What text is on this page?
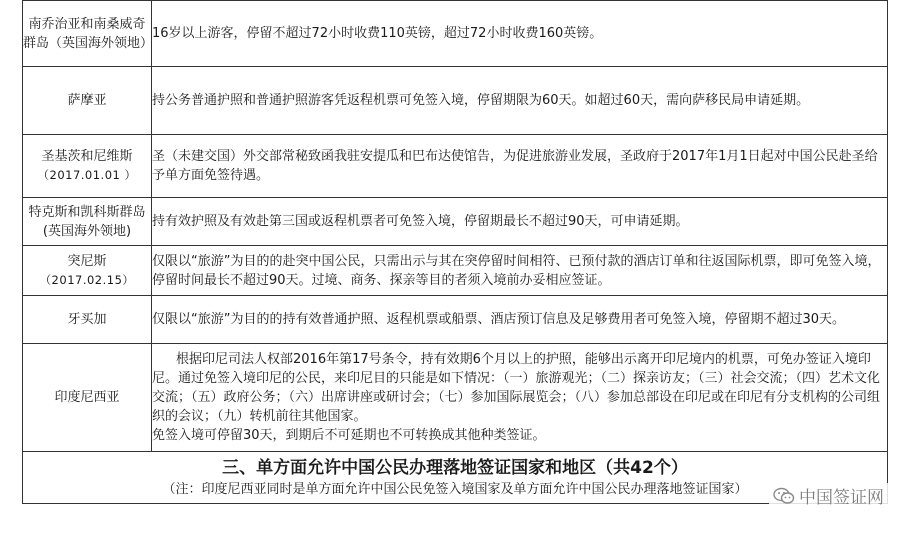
南乔治亚和南桑威奇群岛（英国海外领地）	16岁以上游客，停留不超过72小时收费110英镑，超过72小时收费160英镑。
萨摩亚	持公务普通护照和普通护照游客凭返程机票可免签入境，停留期限为60天。如超过60天，需向萨移民局申请延期。
圣基茨和尼维斯
（2017.01.01 ）	圣（未建交国）外交部常秘致函我驻安提瓜和巴布达使馆告，为促进旅游业发展，圣政府于2017年1月1日起对中国公民赴圣给予单方面免签待遇。
特克斯和凯科斯群岛(英国海外领地)	持有效护照及有效赴第三国或返程机票者可免签入境，停留期最长不超过90天，可申请延期。
突尼斯
（2017.02.15）	仅限以“旅游”为目的的赴突中国公民，只需出示与其在突停留时间相符、已预付款的酒店订单和往返国际机票，即可免签入境，停留时间最长不超过90天。过境、商务、探亲等目的者须入境前办妥相应签证。
牙买加	仅限以“旅游”为目的的持有效普通护照、返程机票或船票、酒店预订信息及足够费用者可免签入境，停留期不超过30天。
印度尼西亚	根据印尼司法人权部2016年第17号条令，持有效期6个月以上的护照，能够出示离开印尼境内的机票，可免办签证入境印尼。通过免签入境印尼的公民，来印尼目的只能是如下情况：（一）旅游观光；（二）探亲访友；（三）社会交流；（四）艺术文化交流；（五）政府公务；（六）出席讲座或研讨会；（七）参加国际展览会；（八）参加总部设在印尼或在印尼有分支机构的公司组织的会议；（九）转机前往其他国家。
免签入境可停留30天，到期后不可延期也不可转换成其他种类签证。

三、单方面允许中国公民办理落地签证国家和地区（共42个）
（注：印度尼西亚同时是单方面允许中国公民免签入境国家及单方面允许中国公民办理落地签证国家）		中国签证网
